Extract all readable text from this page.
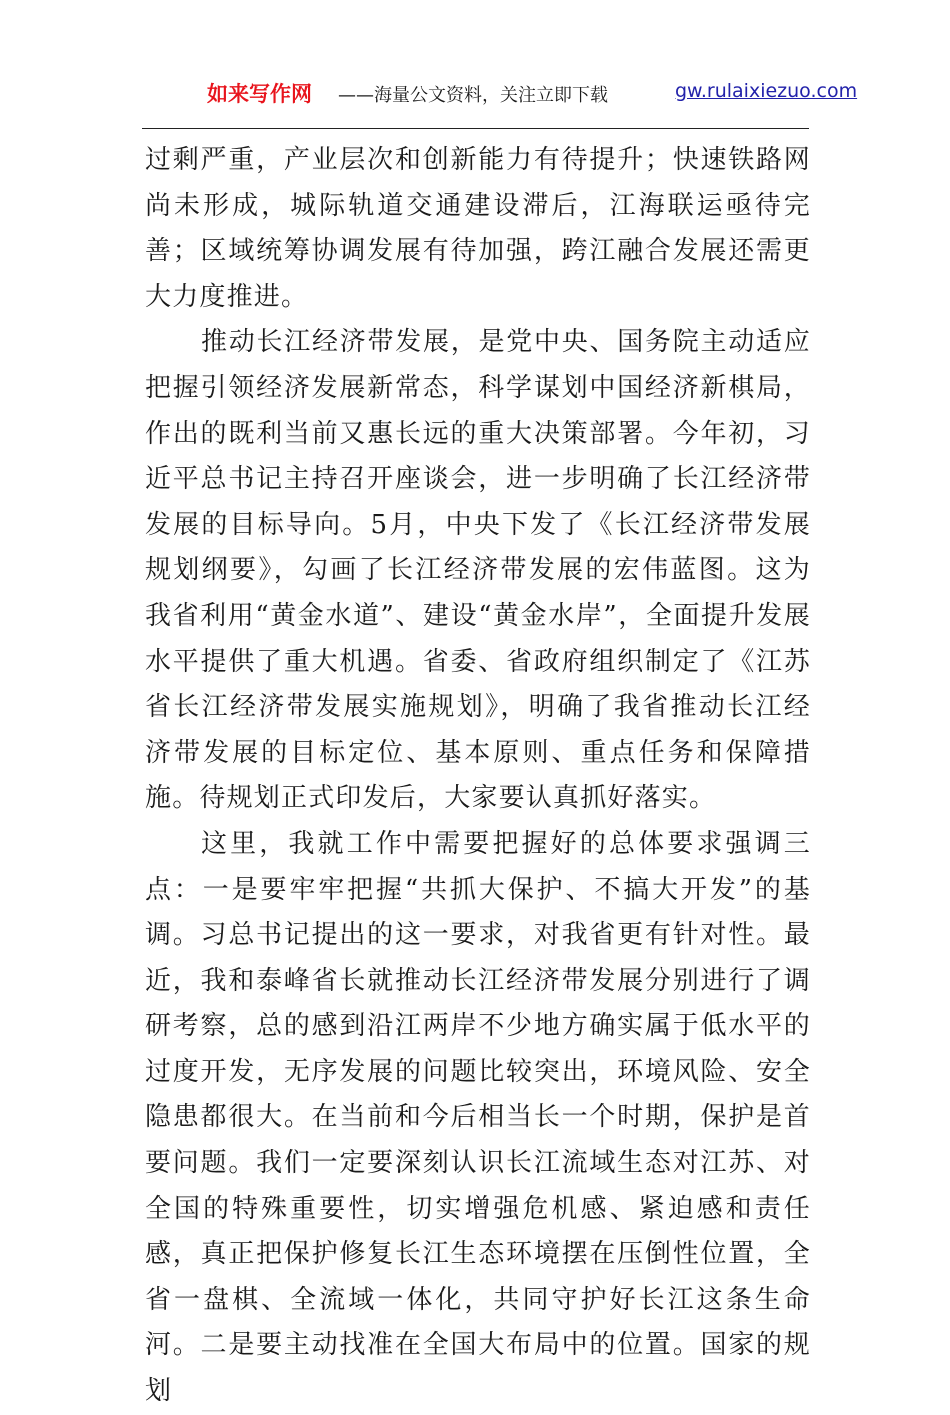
如来写作网 ——海量公文资料，关注立即下载	gw.rulaixiezuo.com

过剩严重，产业层次和创新能力有待提升；快速铁路网尚未形成，城际轨道交通建设滞后，江海联运亟待完善；区域统筹协调发展有待加强，跨江融合发展还需更大力度推进。

推动长江经济带发展，是党中央、国务院主动适应把握引领经济发展新常态，科学谋划中国经济新棋局，作出的既利当前又惠长远的重大决策部署。今年初，习近平总书记主持召开座谈会，进一步明确了长江经济带发展的目标导向。5月，中央下发了《长江经济带发展规划纲要》，勾画了长江经济带发展的宏伟蓝图。这为我省利用“黄金水道”、建设“黄金水岸”，全面提升发展水平提供了重大机遇。省委、省政府组织制定了《江苏省长江经济带发展实施规划》，明确了我省推动长江经济带发展的目标定位、基本原则、重点任务和保障措施。待规划正式印发后，大家要认真抓好落实。

这里，我就工作中需要把握好的总体要求强调三点：一是要牢牢把握“共抓大保护、不搞大开发”的基调。习总书记提出的这一要求，对我省更有针对性。最近，我和泰峰省长就推动长江经济带发展分别进行了调研考察，总的感到沿江两岸不少地方确实属于低水平的过度开发，无序发展的问题比较突出，环境风险、安全隐患都很大。在当前和今后相当长一个时期，保护是首要问题。我们一定要深刻认识长江流域生态对江苏、对全国的特殊重要性，切实增强危机感、紧迫感和责任感，真正把保护修复长江生态环境摆在压倒性位置，全省一盘棋、全流域一体化，共同守护好长江这条生命河。二是要主动找准在全国大布局中的位置。国家的规划
